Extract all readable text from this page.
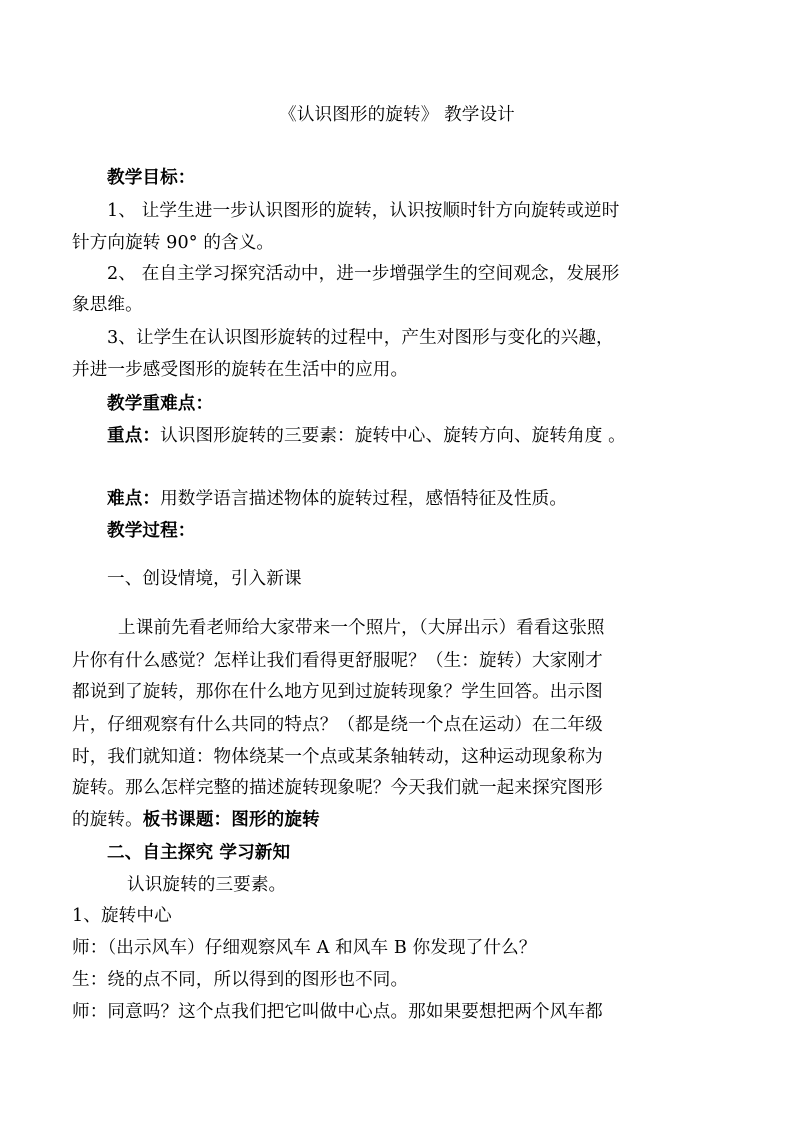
《认识图形的旋转》 教学设计
教学目标：
1、 让学生进一步认识图形的旋转，认识按顺时针方向旋转或逆时
针方向旋转 90° 的含义。
2、 在自主学习探究活动中，进一步增强学生的空间观念，发展形
象思维。
3、让学生在认识图形旋转的过程中，产生对图形与变化的兴趣，
并进一步感受图形的旋转在生活中的应用。
教学重难点：
重点：认识图形旋转的三要素：旋转中心、旋转方向、旋转角度 。
难点：用数学语言描述物体的旋转过程，感悟特征及性质。
教学过程：
一、创设情境，引入新课
上课前先看老师给大家带来一个照片，（大屏出示）看看这张照
片你有什么感觉？怎样让我们看得更舒服呢？（生：旋转）大家刚才
都说到了旋转，那你在什么地方见到过旋转现象？学生回答。出示图
片，仔细观察有什么共同的特点？（都是绕一个点在运动）在二年级
时，我们就知道：物体绕某一个点或某条轴转动，这种运动现象称为
旋转。那么怎样完整的描述旋转现象呢？今天我们就一起来探究图形
的旋转。板书课题：图形的旋转
二、自主探究 学习新知
认识旋转的三要素。
1、旋转中心
师：（出示风车）仔细观察风车 A 和风车 B 你发现了什么？
生：绕的点不同，所以得到的图形也不同。
师：同意吗？这个点我们把它叫做中心点。那如果要想把两个风车都
